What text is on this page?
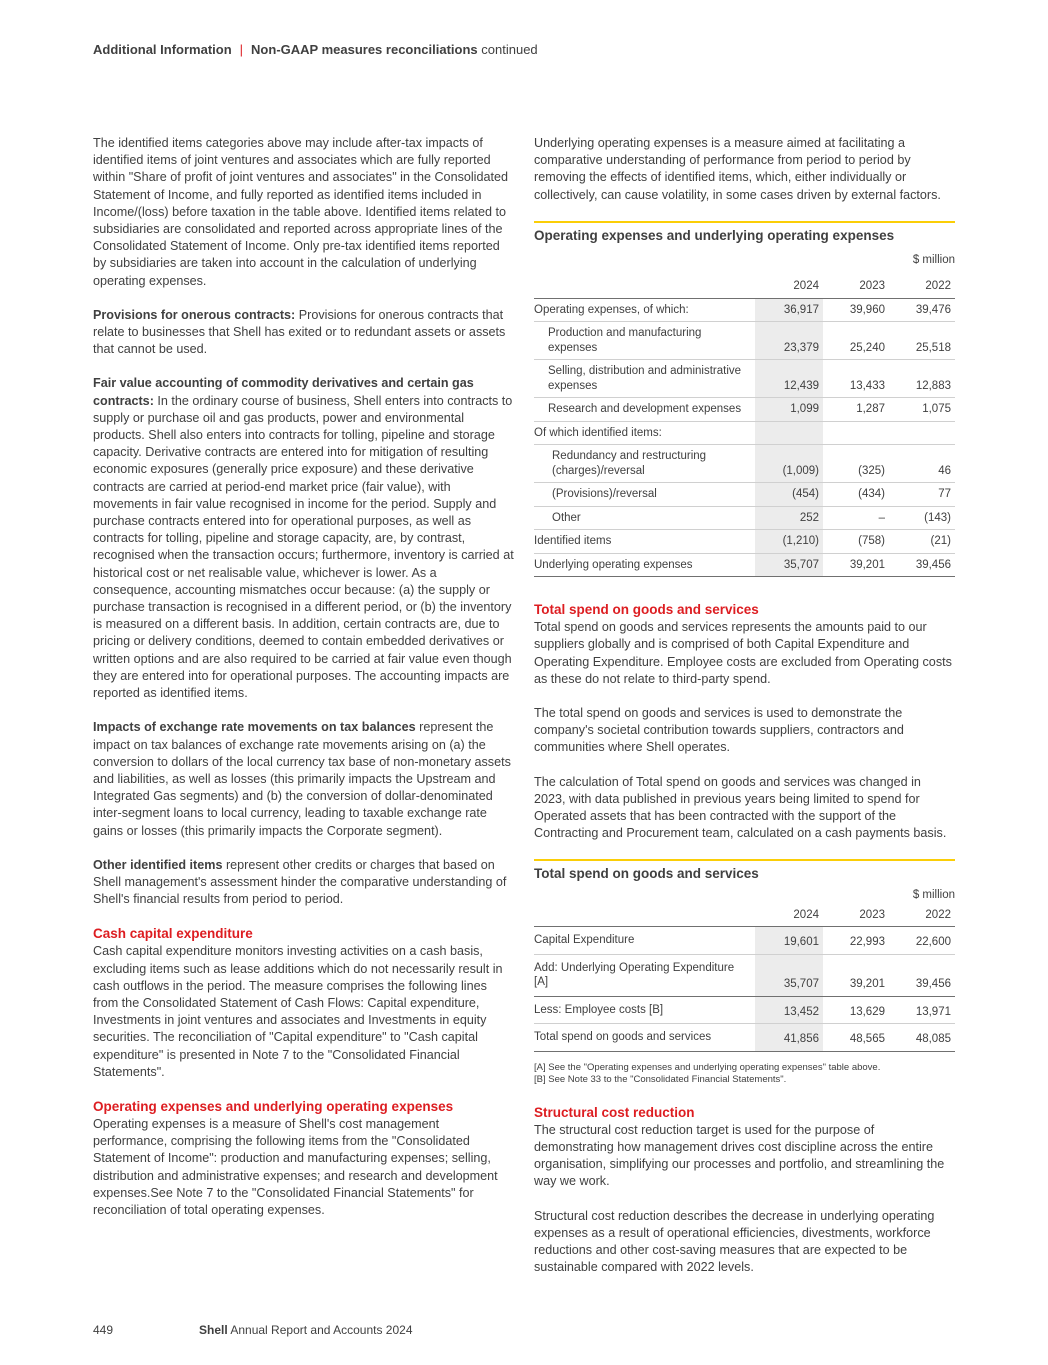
Additional Information | Non-GAAP measures reconciliations continued

The identified items categories above may include after-tax impacts of identified items of joint ventures and associates which are fully reported within "Share of profit of joint ventures and associates" in the Consolidated Statement of Income, and fully reported as identified items included in Income/(loss) before taxation in the table above. Identified items related to subsidiaries are consolidated and reported across appropriate lines of the Consolidated Statement of Income. Only pre-tax identified items reported by subsidiaries are taken into account in the calculation of underlying operating expenses.

Provisions for onerous contracts: Provisions for onerous contracts that relate to businesses that Shell has exited or to redundant assets or assets that cannot be used.

Fair value accounting of commodity derivatives and certain gas contracts: In the ordinary course of business, Shell enters into contracts to supply or purchase oil and gas products, power and environmental products. Shell also enters into contracts for tolling, pipeline and storage capacity. Derivative contracts are entered into for mitigation of resulting economic exposures (generally price exposure) and these derivative contracts are carried at period-end market price (fair value), with movements in fair value recognised in income for the period. Supply and purchase contracts entered into for operational purposes, as well as contracts for tolling, pipeline and storage capacity, are, by contrast, recognised when the transaction occurs; furthermore, inventory is carried at historical cost or net realisable value, whichever is lower. As a consequence, accounting mismatches occur because: (a) the supply or purchase transaction is recognised in a different period, or (b) the inventory is measured on a different basis. In addition, certain contracts are, due to pricing or delivery conditions, deemed to contain embedded derivatives or written options and are also required to be carried at fair value even though they are entered into for operational purposes. The accounting impacts are reported as identified items.

Impacts of exchange rate movements on tax balances represent the impact on tax balances of exchange rate movements arising on (a) the conversion to dollars of the local currency tax base of non-monetary assets and liabilities, as well as losses (this primarily impacts the Upstream and Integrated Gas segments) and (b) the conversion of dollar-denominated inter-segment loans to local currency, leading to taxable exchange rate gains or losses (this primarily impacts the Corporate segment).

Other identified items represent other credits or charges that based on Shell management's assessment hinder the comparative understanding of Shell's financial results from period to period.

Cash capital expenditure

Cash capital expenditure monitors investing activities on a cash basis, excluding items such as lease additions which do not necessarily result in cash outflows in the period. The measure comprises the following lines from the Consolidated Statement of Cash Flows: Capital expenditure, Investments in joint ventures and associates and Investments in equity securities. The reconciliation of "Capital expenditure" to "Cash capital expenditure" is presented in Note 7 to the "Consolidated Financial Statements".

Operating expenses and underlying operating expenses

Operating expenses is a measure of Shell's cost management performance, comprising the following items from the "Consolidated Statement of Income": production and manufacturing expenses; selling, distribution and administrative expenses; and research and development expenses.See Note 7 to the "Consolidated Financial Statements" for reconciliation of total operating expenses.

Underlying operating expenses is a measure aimed at facilitating a comparative understanding of performance from period to period by removing the effects of identified items, which, either individually or collectively, can cause volatility, in some cases driven by external factors.

Operating expenses and underlying operating expenses
$ million
	2024	2023	2022
Operating expenses, of which:	36,917	39,960	39,476
Production and manufacturing expenses	23,379	25,240	25,518
Selling, distribution and administrative expenses	12,439	13,433	12,883
Research and development expenses	1,099	1,287	1,075
Of which identified items:			
Redundancy and restructuring (charges)/reversal	(1,009)	(325)	46
(Provisions)/reversal	(454)	(434)	77
Other	252	–	(143)
Identified items	(1,210)	(758)	(21)
Underlying operating expenses	35,707	39,201	39,456
Total spend on goods and services

Total spend on goods and services represents the amounts paid to our suppliers globally and is comprised of both Capital Expenditure and Operating Expenditure. Employee costs are excluded from Operating costs as these do not relate to third-party spend.

The total spend on goods and services is used to demonstrate the company's societal contribution towards suppliers, contractors and communities where Shell operates.

The calculation of Total spend on goods and services was changed in 2023, with data published in previous years being limited to spend for Operated assets that has been contracted with the support of the Contracting and Procurement team, calculated on a cash payments basis.

Total spend on goods and services
$ million
	2024	2023	2022
Capital Expenditure	19,601	22,993	22,600
Add: Underlying Operating Expenditure [A]	35,707	39,201	39,456
Less: Employee costs [B]	13,452	13,629	13,971
Total spend on goods and services	41,856	48,565	48,085
[A] See the "Operating expenses and underlying operating expenses" table above.
[B] See Note 33 to the "Consolidated Financial Statements".
Structural cost reduction

The structural cost reduction target is used for the purpose of demonstrating how management drives cost discipline across the entire organisation, simplifying our processes and portfolio, and streamlining the way we work.

Structural cost reduction describes the decrease in underlying operating expenses as a result of operational efficiencies, divestments, workforce reductions and other cost-saving measures that are expected to be sustainable compared with 2022 levels.

449	Shell Annual Report and Accounts 2024
